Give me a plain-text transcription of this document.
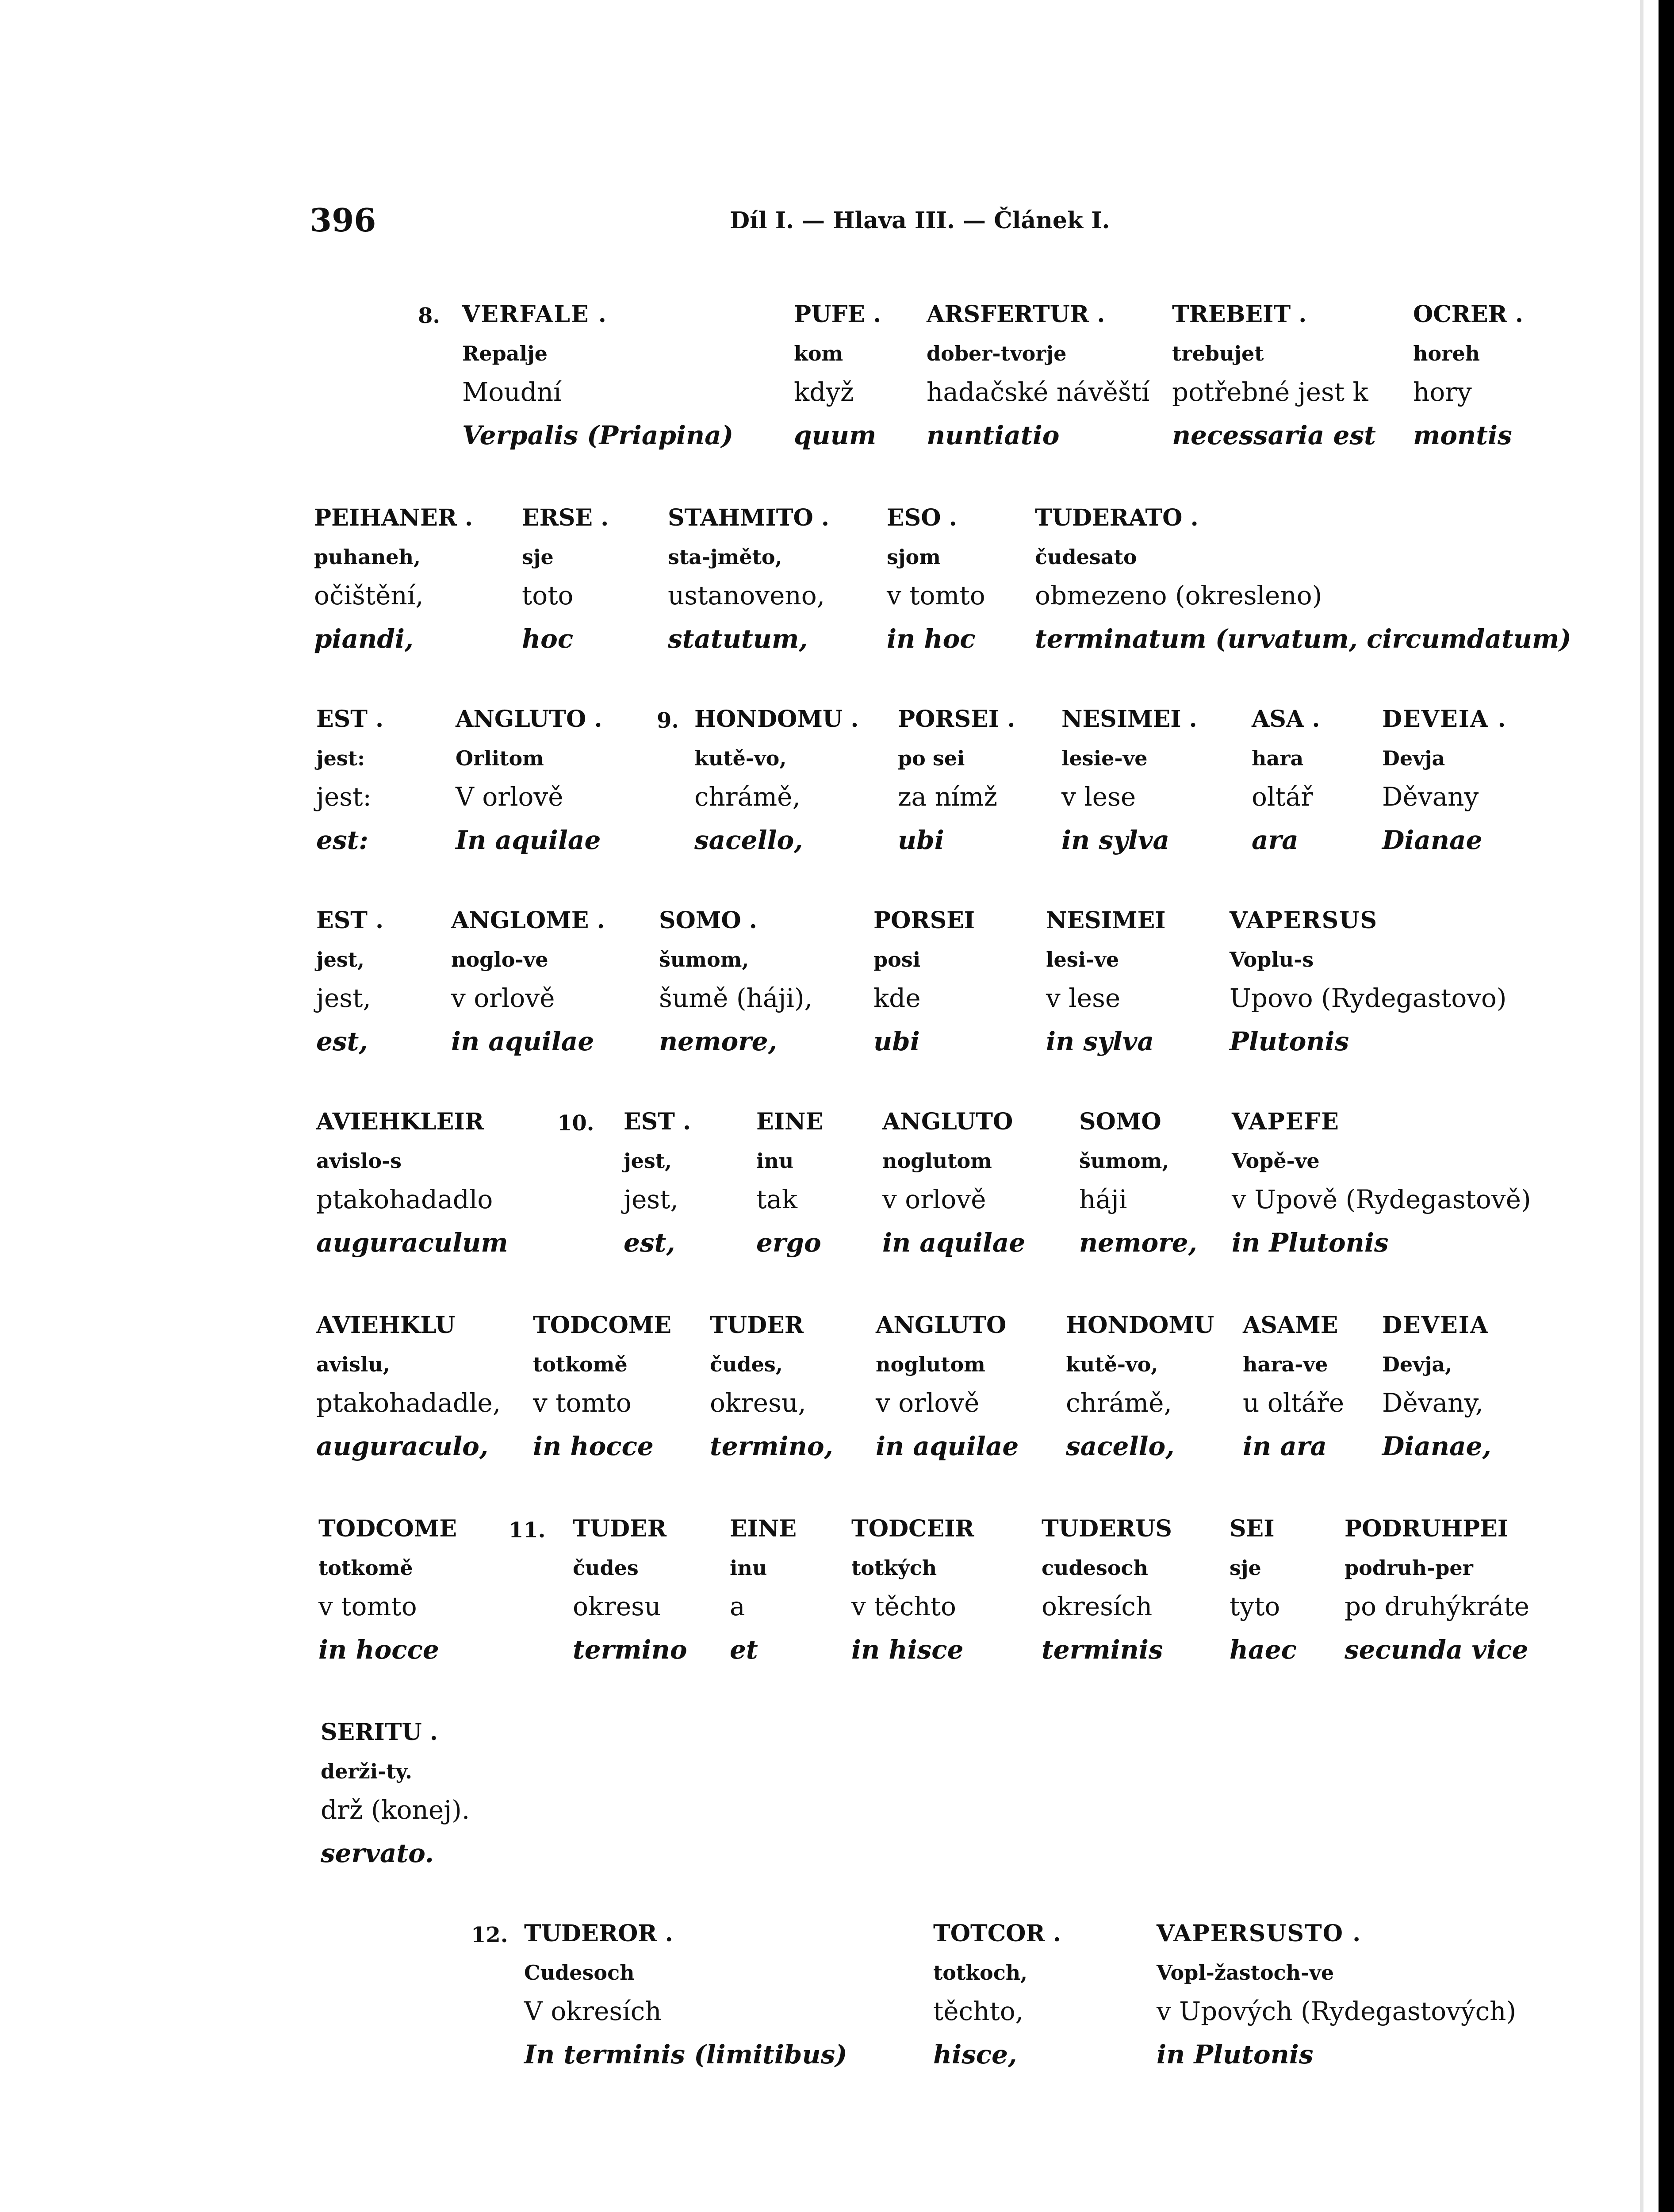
396	Díl I. — Hlava III. — Článek I.
8. VERFALE .
Repalje
Moudní
Verpalis (Priapina)
PUFE .
kom
když
quum
ARSFERTUR .
dober-tvorje
hadačské návěští
nuntiatio
TREBEIT .
trebujet
potřebné jest k
necessaria est
OCRER .
horeh
hory
montis
PEIHANER .
puhaneh,
očištění,
piandi,
ERSE .
sje
toto
hoc
STAHMITO .
sta-jměto,
ustanoveno,
statutum,
ESO .
sjom
v tomto
in hoc
TUDERATO .
čudesato
obmezeno (okresleno)
terminatum (urvatum, circumdatum)
9.
EST .
jest:
jest:
est:
ANGLUTO .
Orlitom
V orlově
In aquilae
HONDOMU .
kutě-vo,
chrámě,
sacello,
PORSEI .
po sei
za nímž
ubi
NESIMEI .
lesie-ve
v lese
in sylva
ASA .
hara
oltář
ara
DEVEIA .
Devja
Děvany
Dianae
EST .
jest,
jest,
est,
ANGLOME .
noglo-ve
v orlově
in aquilae
SOMO .
šumom,
šumě (háji),
nemore,
PORSEI
posi
kde
ubi
NESIMEI
lesi-ve
v lese
in sylva
VAPERSUS
Voplu-s
Upovo (Rydegastovo)
Plutonis
10.
AVIEHKLEIR
avislo-s
ptakohadadlo
auguraculum
EST .
jest,
jest,
est,
EINE
inu
tak
ergo
ANGLUTO
noglutom
v orlově
in aquilae
SOMO
šumom,
háji
nemore,
VAPEFE
Vopě-ve
v Upově (Rydegastově)
in Plutonis
AVIEHKLU
avislu,
ptakohadadle,
auguraculo,
TODCOME
totkomě
v tomto
in hocce
TUDER
čudes,
okresu,
termino,
ANGLUTO
noglutom
v orlově
in aquilae
HONDOMU
kutě-vo,
chrámě,
sacello,
ASAME
hara-ve
u oltáře
in ara
DEVEIA
Devja,
Děvany,
Dianae,
11.
TODCOME
totkomě
v tomto
in hocce
TUDER
čudes
okresu
termino
EINE
inu
a
et
TODCEIR
totkých
v těchto
in hisce
TUDERUS
cudesoch
okresích
terminis
SEI
sje
tyto
haec
PODRUHPEI
podruh-per
po druhýkráte
secunda vice
SERITU .
derži-ty.
drž (konej).
servato.
12. TUDEROR .
Cudesoch
V okresích
In terminis (limitibus)
TOTCOR .
totkoch,
těchto,
hisce,
VAPERSUSTO .
Vopl-žastoch-ve
v Upových (Rydegastových)
in Plutonis
